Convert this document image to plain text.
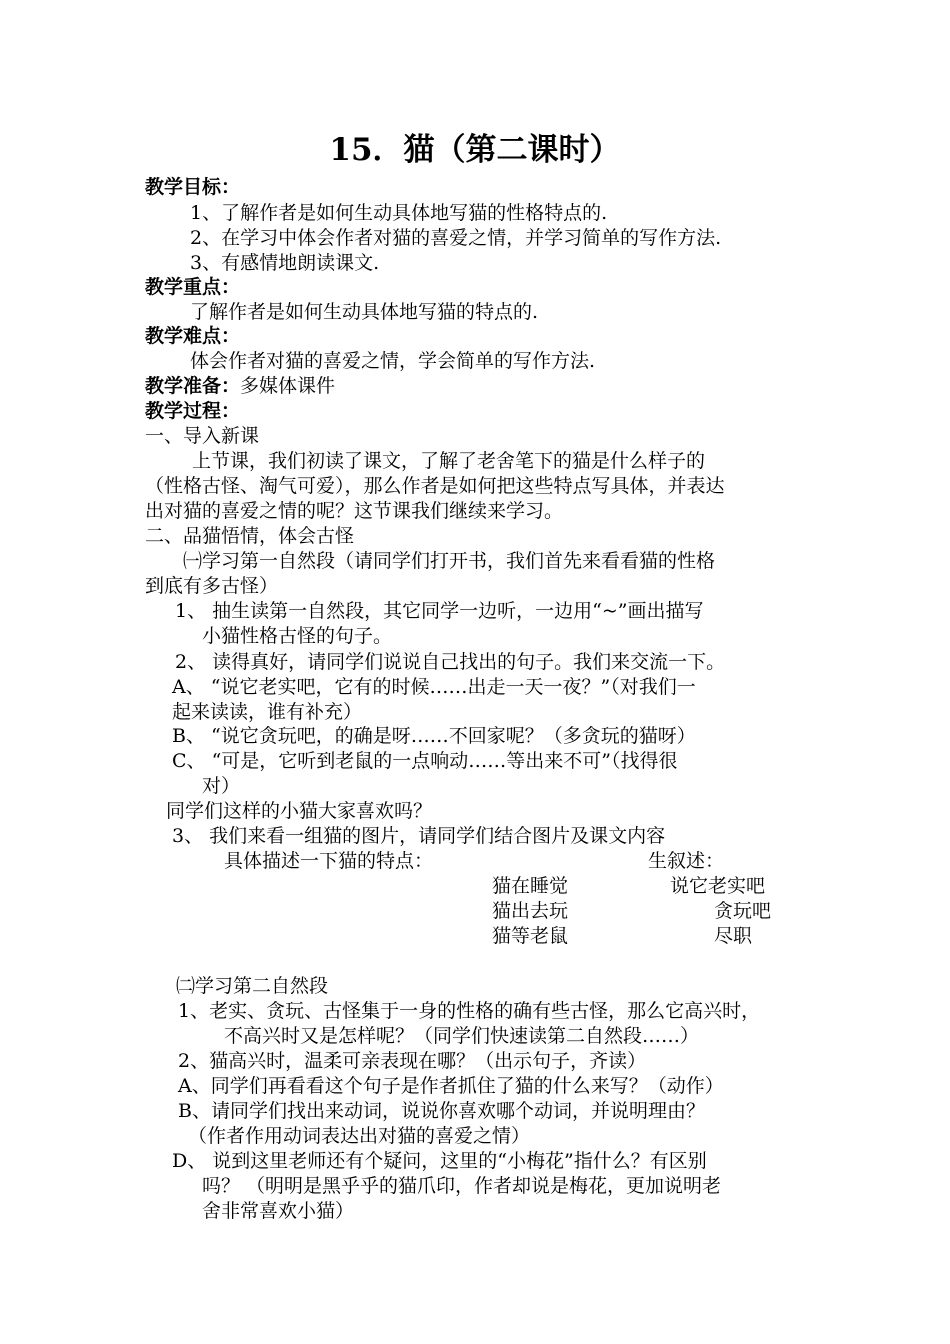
15．猫（第二课时）
教学目标：
1、了解作者是如何生动具体地写猫的性格特点的.
2、在学习中体会作者对猫的喜爱之情，并学习简单的写作方法.
3、有感情地朗读课文.
教学重点：
了解作者是如何生动具体地写猫的特点的.
教学难点：
体会作者对猫的喜爱之情，学会简单的写作方法.
教学准备：多媒体课件
教学过程：
一、导入新课
上节课，我们初读了课文，了解了老舍笔下的猫是什么样子的
（性格古怪、淘气可爱），那么作者是如何把这些特点写具体，并表达
出对猫的喜爱之情的呢？这节课我们继续来学习。
二、品猫悟情，体会古怪
㈠学习第一自然段（请同学们打开书，我们首先来看看猫的性格
到底有多古怪）
1、 抽生读第一自然段，其它同学一边听，一边用“~”画出描写
小猫性格古怪的句子。
2、 读得真好，请同学们说说自己找出的句子。我们来交流一下。
A、 “说它老实吧，它有的时候……出走一天一夜？”（对我们一
起来读读，谁有补充）
B、 “说它贪玩吧，的确是呀……不回家呢？（多贪玩的猫呀）
C、 “可是，它听到老鼠的一点响动……等出来不可”（找得很
对）
同学们这样的小猫大家喜欢吗？
3、 我们来看一组猫的图片，请同学们结合图片及课文内容
具体描述一下猫的特点：	生叙述：
猫在睡觉	说它老实吧
猫出去玩	贪玩吧
猫等老鼠	尽职
㈡学习第二自然段
1、老实、贪玩、古怪集于一身的性格的确有些古怪，那么它高兴时，
不高兴时又是怎样呢？（同学们快速读第二自然段……）
2、猫高兴时，温柔可亲表现在哪？（出示句子，齐读）
A、同学们再看看这个句子是作者抓住了猫的什么来写？（动作）
B、请同学们找出来动词，说说你喜欢哪个动词，并说明理由？
（作者作用动词表达出对猫的喜爱之情）
D、 说到这里老师还有个疑问，这里的“小梅花”指什么？有区别
吗？ （明明是黑乎乎的猫爪印，作者却说是梅花，更加说明老
舍非常喜欢小猫）
